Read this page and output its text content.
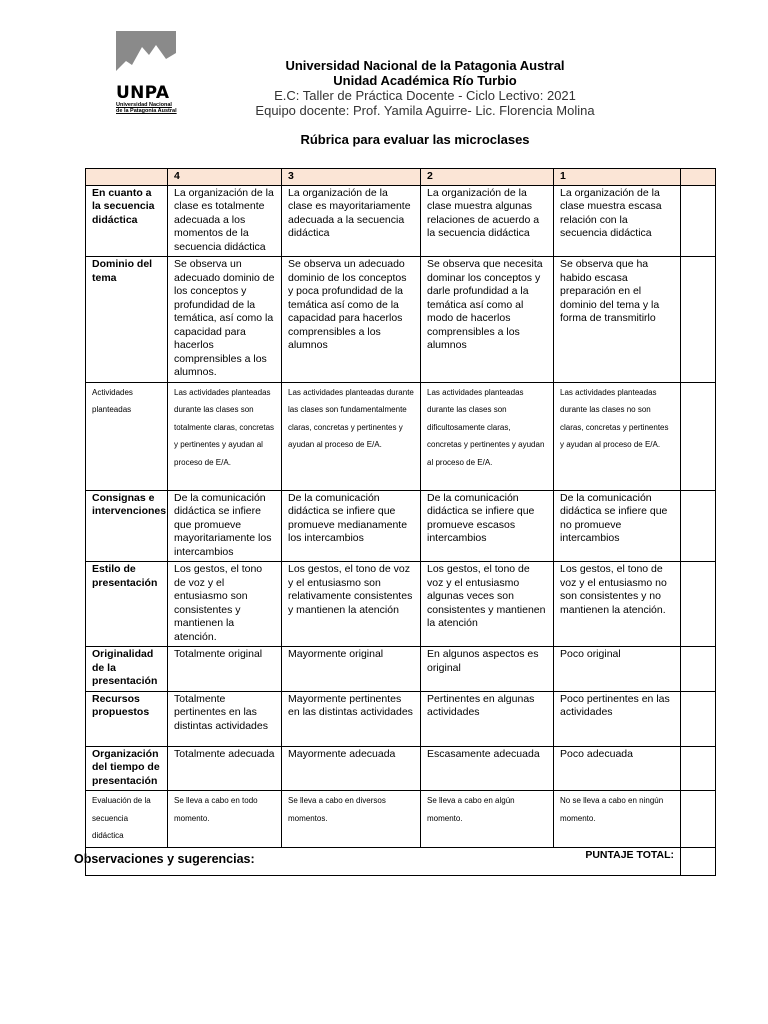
UNPA
Universidad Nacional
de la Patagonia Austral
Universidad Nacional de la Patagonia Austral
Unidad Académica Río Turbio
E.C: Taller de Práctica Docente - Ciclo Lectivo: 2021
Equipo docente: Prof. Yamila Aguirre- Lic. Florencia Molina
Rúbrica para evaluar las microclases
	4	3	2	1	
En cuanto a la secuencia didáctica	La organización de la clase es totalmente adecuada a los momentos de la secuencia didáctica	La organización de la clase es mayoritariamente adecuada a la secuencia didáctica	La organización de la clase muestra algunas relaciones de acuerdo a la secuencia didáctica	La organización de la clase muestra escasa relación con la secuencia didáctica	
Dominio del tema	Se observa un adecuado dominio de los conceptos y profundidad de la temática, así como la capacidad para hacerlos comprensibles a los alumnos.	Se observa un adecuado dominio de los conceptos y poca profundidad de la temática así como de la capacidad para hacerlos comprensibles a los alumnos	Se observa que necesita dominar los conceptos y darle profundidad a la temática así como al modo de hacerlos comprensibles a los alumnos	Se observa que ha habido escasa preparación en el dominio del tema y la forma de transmitirlo	
Actividades planteadas	Las actividades planteadas durante las clases son totalmente claras, concretas y pertinentes y ayudan al proceso de E/A.	Las actividades planteadas durante las clases son fundamentalmente claras, concretas y pertinentes y ayudan al proceso de E/A.	Las actividades planteadas durante las clases son dificultosamente claras, concretas y pertinentes y ayudan al proceso de E/A.	Las actividades planteadas durante las clases no son claras, concretas y pertinentes y ayudan al proceso de E/A.	
Consignas e intervenciones	De la comunicación didáctica se infiere que promueve mayoritariamente los intercambios	De la comunicación didáctica se infiere que promueve medianamente los intercambios	De la comunicación didáctica se infiere que promueve escasos intercambios	De la comunicación didáctica se infiere que no promueve intercambios	
Estilo de presentación	Los gestos, el tono de voz y el entusiasmo son consistentes y mantienen la atención.	Los gestos, el tono de voz y el entusiasmo son relativamente consistentes y mantienen la atención	Los gestos, el tono de voz y el entusiasmo algunas veces son consistentes y mantienen la atención	Los gestos, el tono de voz y el entusiasmo no son consistentes y no mantienen la atención.	
Originalidad de la presentación	Totalmente original	Mayormente original	En algunos aspectos es original	Poco original	
Recursos propuestos	Totalmente pertinentes en las distintas actividades	Mayormente pertinentes en las distintas actividades	Pertinentes en algunas actividades	Poco pertinentes en las actividades	
Organización del tiempo de presentación	Totalmente adecuada	Mayormente adecuada	Escasamente adecuada	Poco adecuada	
Evaluación de la secuencia didáctica	Se lleva a cabo en todo momento.	Se lleva a cabo en diversos momentos.	Se lleva a cabo en algún momento.	No se lleva a cabo en ningún momento.	
PUNTAJE TOTAL:					
Observaciones y sugerencias:
